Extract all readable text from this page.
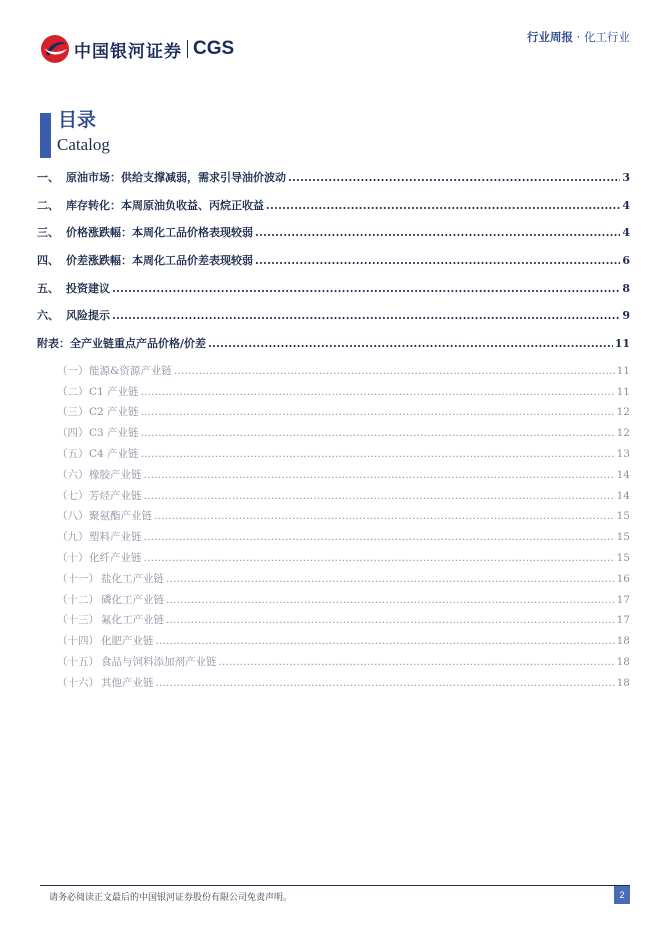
中国银河证券 CGS
行业周报 · 化工行业
目录
Catalog
一、 原油市场：供给支撑减弱，需求引导油价波动 .....	3
二、 库存转化：本周原油负收益、丙烷正收益 .....	4
三、 价格涨跌幅：本周化工品价格表现较弱 .....	4
四、 价差涨跌幅：本周化工品价差表现较弱 .....	6
五、 投资建议 .....	8
六、 风险提示 .....	9
附表：全产业链重点产品价格/价差 .....	11
（一） 能源&资源产业链 .....	11
（二） C1 产业链 .....	11
（三） C2 产业链 .....	12
（四） C3 产业链 .....	12
（五） C4 产业链 .....	13
（六） 橡胶产业链 .....	14
（七） 芳烃产业链 .....	14
（八） 聚氨酯产业链 .....	15
（九） 塑料产业链 .....	15
（十） 化纤产业链 .....	15
（十一） 盐化工产业链 .....	16
（十二） 磷化工产业链 .....	17
（十三） 氟化工产业链 .....	17
（十四） 化肥产业链 .....	18
（十五） 食品与饲料添加剂产业链 .....	18
（十六） 其他产业链 .....	18
请务必阅读正文最后的中国银河证券股份有限公司免责声明。	2
